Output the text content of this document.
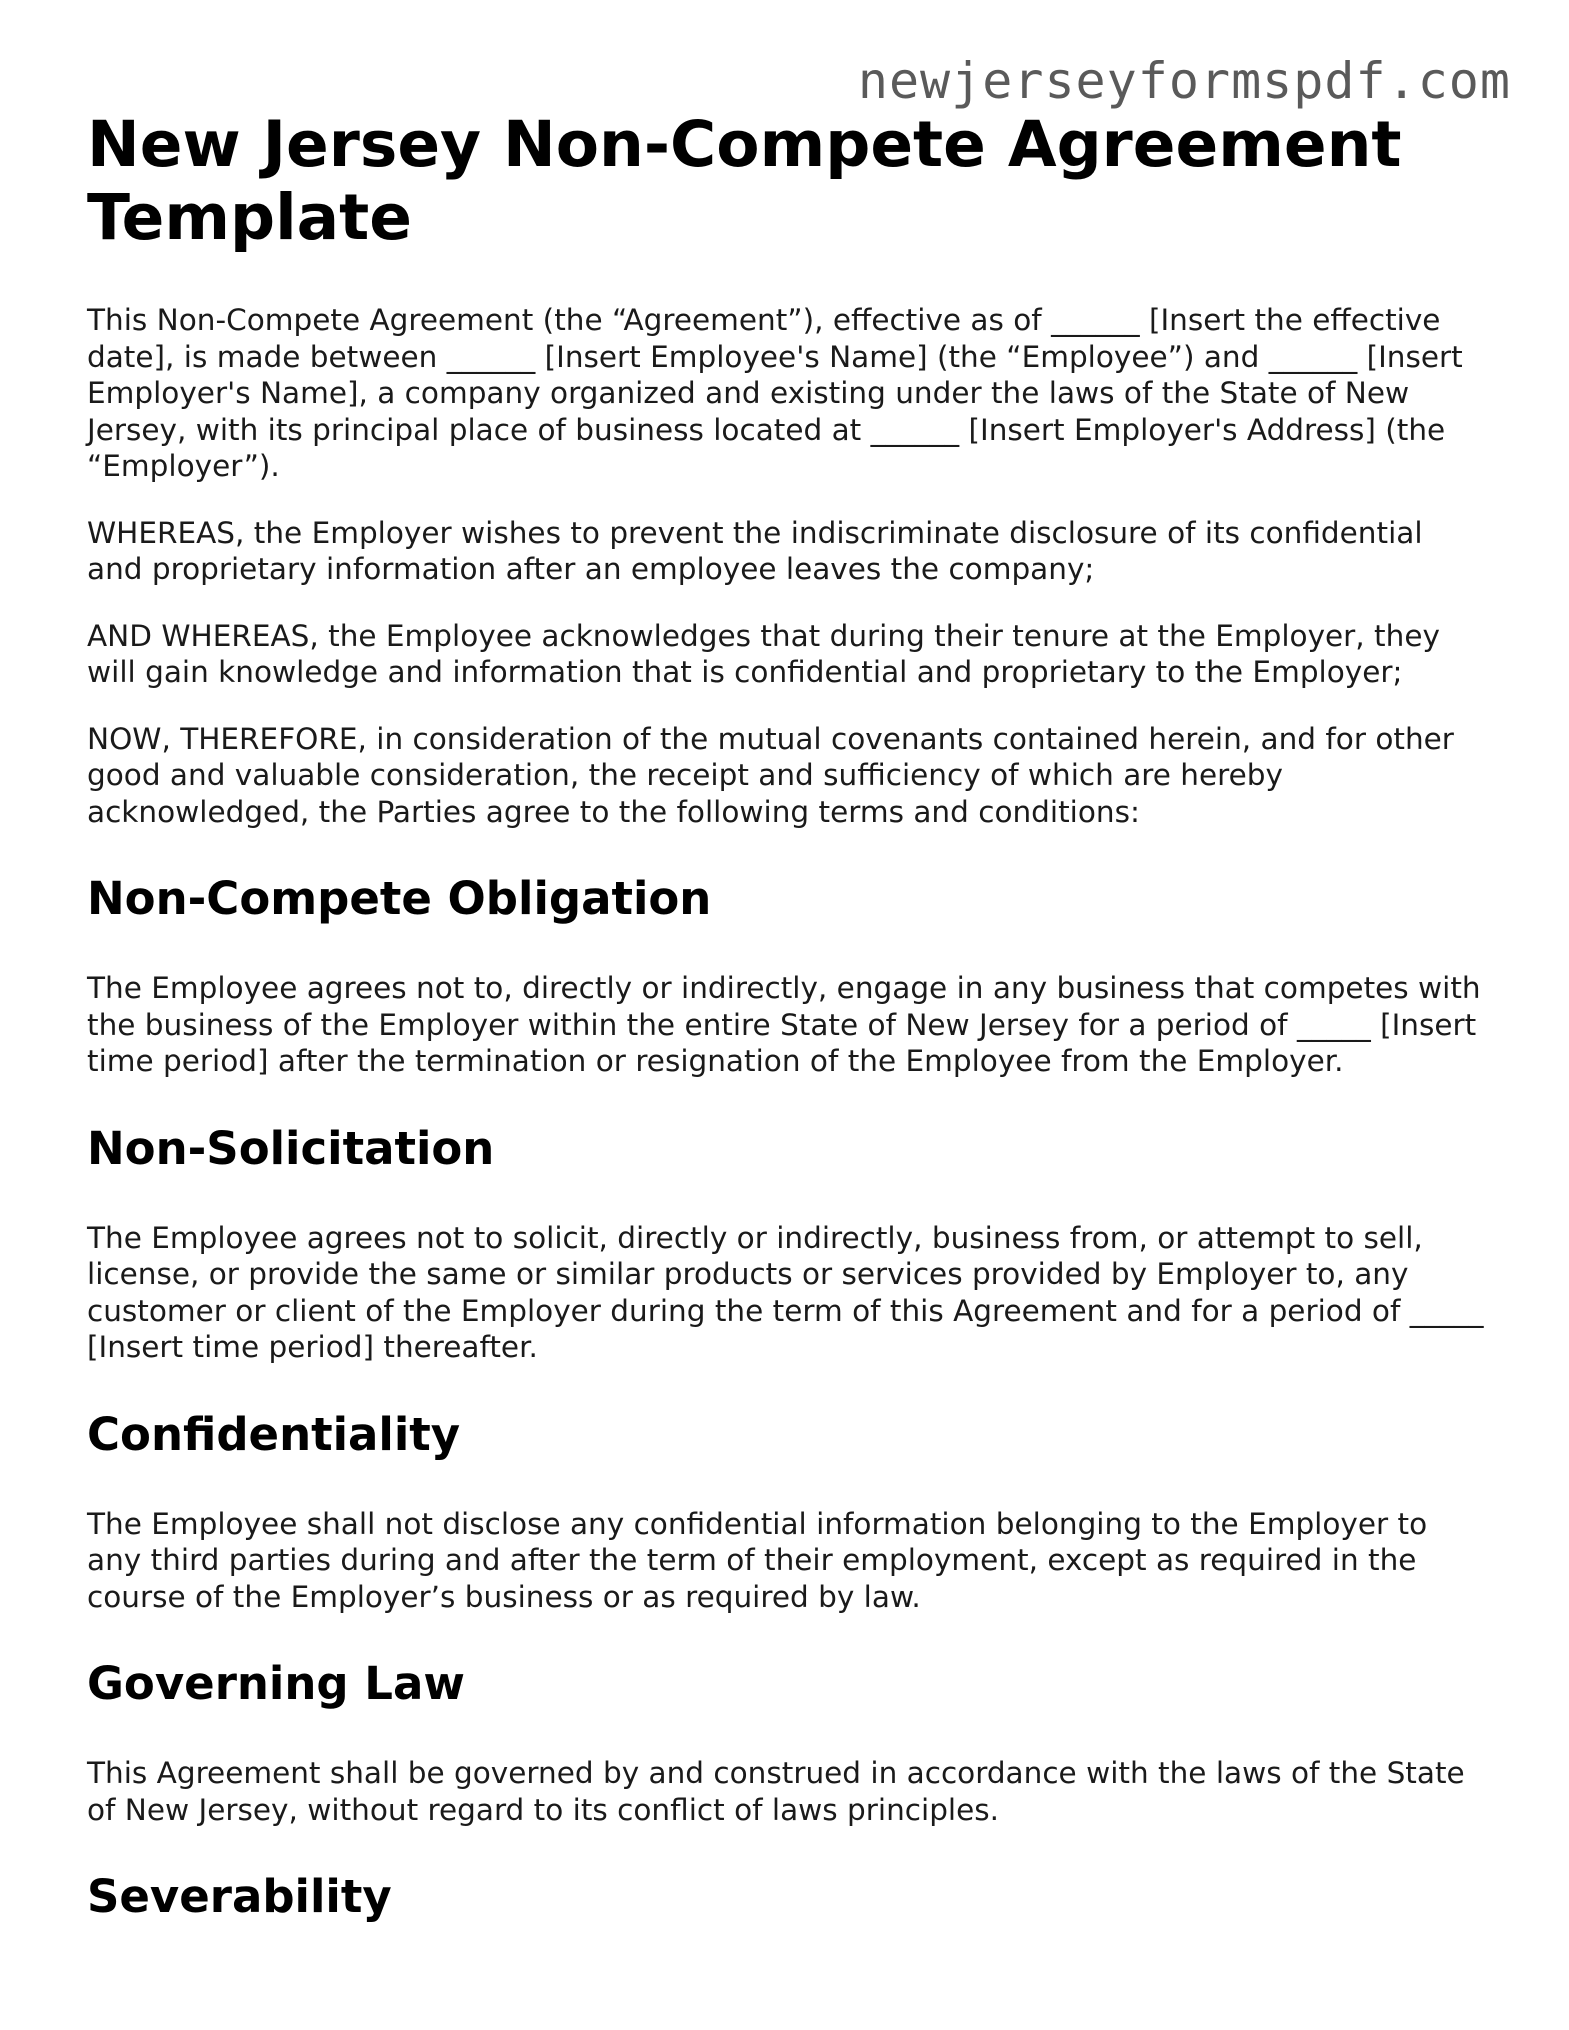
newjerseyformspdf.com
New Jersey Non-Compete Agreement Template

This Non-Compete Agreement (the “Agreement”), effective as of ______ [Insert the effective date], is made between ______ [Insert Employee's Name] (the “Employee”) and ______ [Insert Employer's Name], a company organized and existing under the laws of the State of New Jersey, with its principal place of business located at ______ [Insert Employer's Address] (the “Employer”).

WHEREAS, the Employer wishes to prevent the indiscriminate disclosure of its confidential and proprietary information after an employee leaves the company;

AND WHEREAS, the Employee acknowledges that during their tenure at the Employer, they will gain knowledge and information that is confidential and proprietary to the Employer;

NOW, THEREFORE, in consideration of the mutual covenants contained herein, and for other good and valuable consideration, the receipt and sufficiency of which are hereby acknowledged, the Parties agree to the following terms and conditions:

Non-Compete Obligation

The Employee agrees not to, directly or indirectly, engage in any business that competes with the business of the Employer within the entire State of New Jersey for a period of _____ [Insert time period] after the termination or resignation of the Employee from the Employer.

Non-Solicitation

The Employee agrees not to solicit, directly or indirectly, business from, or attempt to sell, license, or provide the same or similar products or services provided by Employer to, any customer or client of the Employer during the term of this Agreement and for a period of _____ [Insert time period] thereafter.

Confidentiality

The Employee shall not disclose any confidential information belonging to the Employer to any third parties during and after the term of their employment, except as required in the course of the Employer’s business or as required by law.

Governing Law

This Agreement shall be governed by and construed in accordance with the laws of the State of New Jersey, without regard to its conflict of laws principles.

Severability
